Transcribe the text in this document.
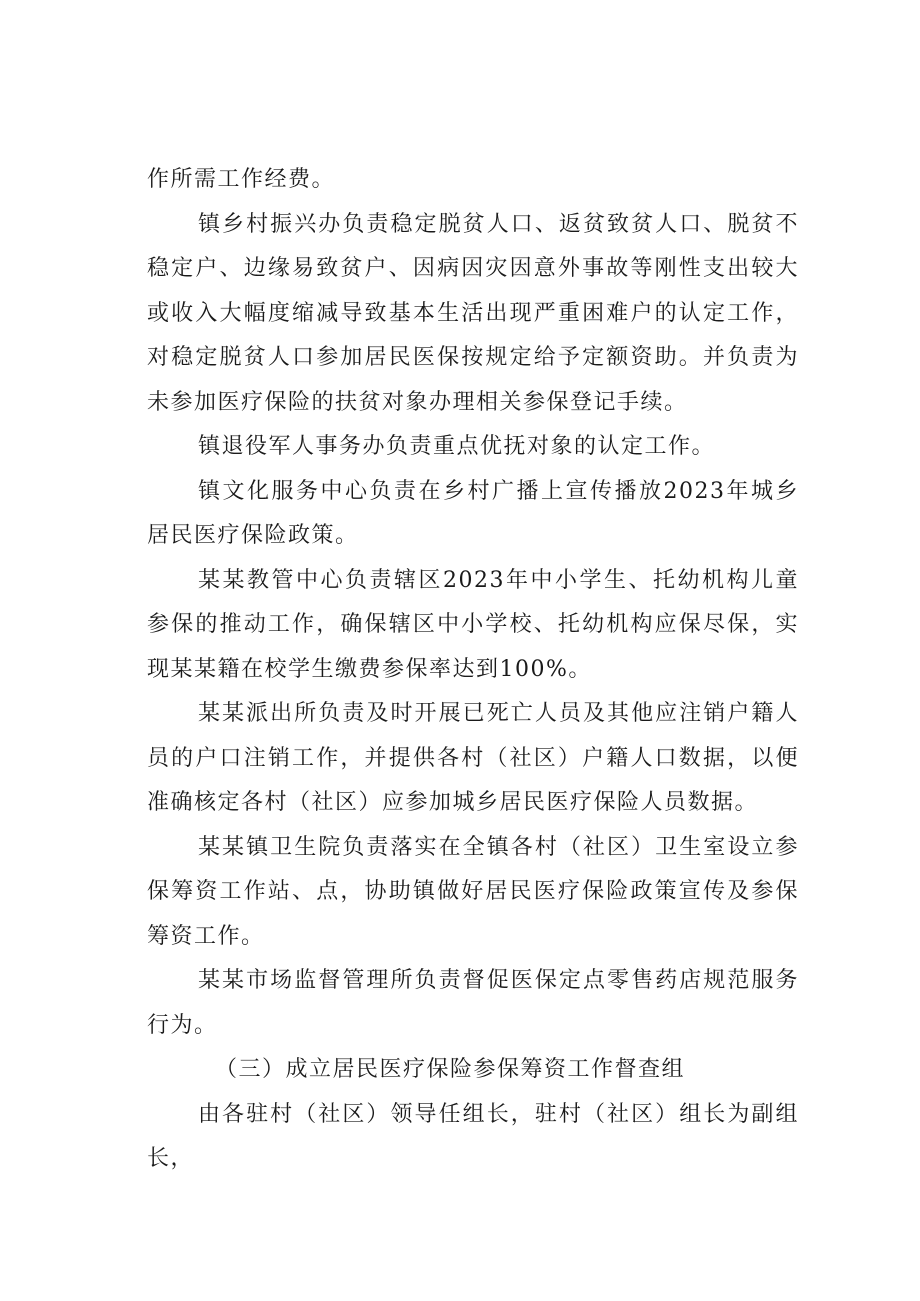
作所需工作经费。

镇乡村振兴办负责稳定脱贫人口、返贫致贫人口、脱贫不稳定户、边缘易致贫户、因病因灾因意外事故等刚性支出较大或收入大幅度缩减导致基本生活出现严重困难户的认定工作，对稳定脱贫人口参加居民医保按规定给予定额资助。并负责为未参加医疗保险的扶贫对象办理相关参保登记手续。

镇退役军人事务办负责重点优抚对象的认定工作。

镇文化服务中心负责在乡村广播上宣传播放2023年城乡居民医疗保险政策。

某某教管中心负责辖区2023年中小学生、托幼机构儿童参保的推动工作，确保辖区中小学校、托幼机构应保尽保，实现某某籍在校学生缴费参保率达到100%。

某某派出所负责及时开展已死亡人员及其他应注销户籍人员的户口注销工作，并提供各村（社区）户籍人口数据，以便准确核定各村（社区）应参加城乡居民医疗保险人员数据。

某某镇卫生院负责落实在全镇各村（社区）卫生室设立参保筹资工作站、点，协助镇做好居民医疗保险政策宣传及参保筹资工作。

某某市场监督管理所负责督促医保定点零售药店规范服务行为。

（三）成立居民医疗保险参保筹资工作督查组

由各驻村（社区）领导任组长，驻村（社区）组长为副组长，
